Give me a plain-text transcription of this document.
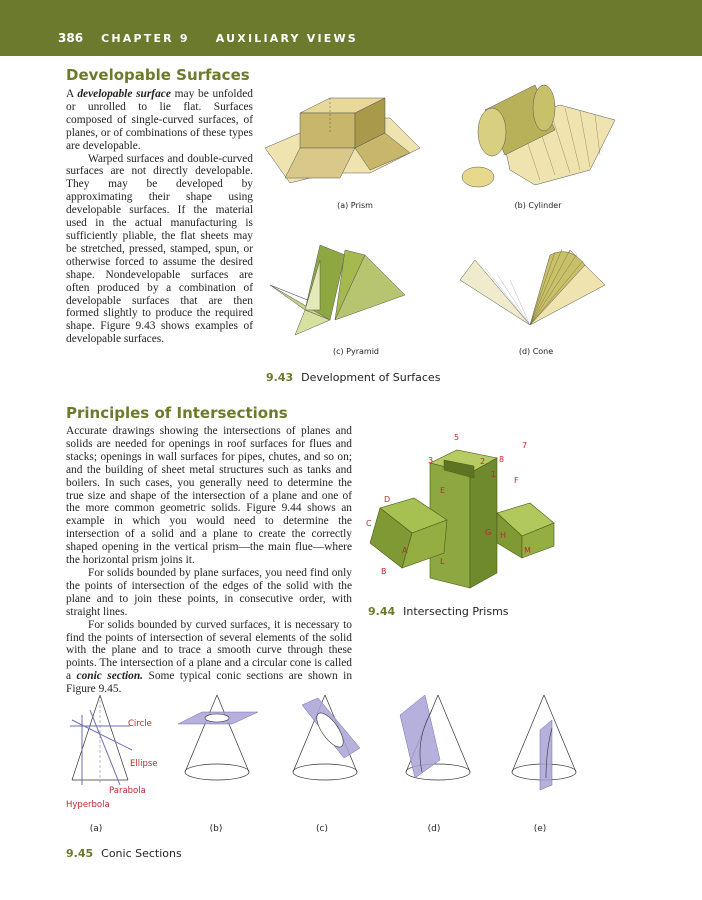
386 CHAPTER 9 AUXILIARY VIEWS
Developable Surfaces

A developable surface may be unfolded or unrolled to lie flat. Surfaces composed of single-curved surfaces, of planes, or of combinations of these types are developable.

Warped surfaces and double-curved surfaces are not directly developable. They may be developed by approximating their shape using developable surfaces. If the material used in the actual manufacturing is sufficiently pliable, the flat sheets may be stretched, pressed, stamped, spun, or otherwise forced to assume the desired shape. Nondevelopable surfaces are often produced by a combination of developable surfaces that are then formed slightly to produce the required shape. Figure 9.43 shows examples of developable surfaces.

(a) Prism	(b) Cylinder
(c) Pyramid	(d) Cone
9.43 Development of Surfaces
Principles of Intersections

Accurate drawings showing the intersections of planes and solids are needed for openings in roof surfaces for flues and stacks; openings in wall surfaces for pipes, chutes, and so on; and the building of sheet metal structures such as tanks and boilers. In such cases, you generally need to determine the true size and shape of the intersection of a plane and one of the more common geometric solids. Figure 9.44 shows an example in which you would need to determine the intersection of a solid and a plane to create the correctly shaped opening in the vertical prism—the main flue—where the horizontal prism joins it.

For solids bounded by plane surfaces, you need find only the points of intersection of the edges of the solid with the plane and to join these points, in consecutive order, with straight lines.

For solids bounded by curved surfaces, it is necessary to find the points of intersection of several elements of the solid with the plane and to trace a smooth curve through these points. The intersection of a plane and a circular cone is called a conic section. Some typical conic sections are shown in Figure 9.45.

5
7
3	2 8
1
F
E
D
C
G H
M
A
L
B
9.44 Intersecting Prisms
Circle
Ellipse
Parabola
Hyperbola
(a)	(b)	(c)	(d)	(e)
9.45 Conic Sections
